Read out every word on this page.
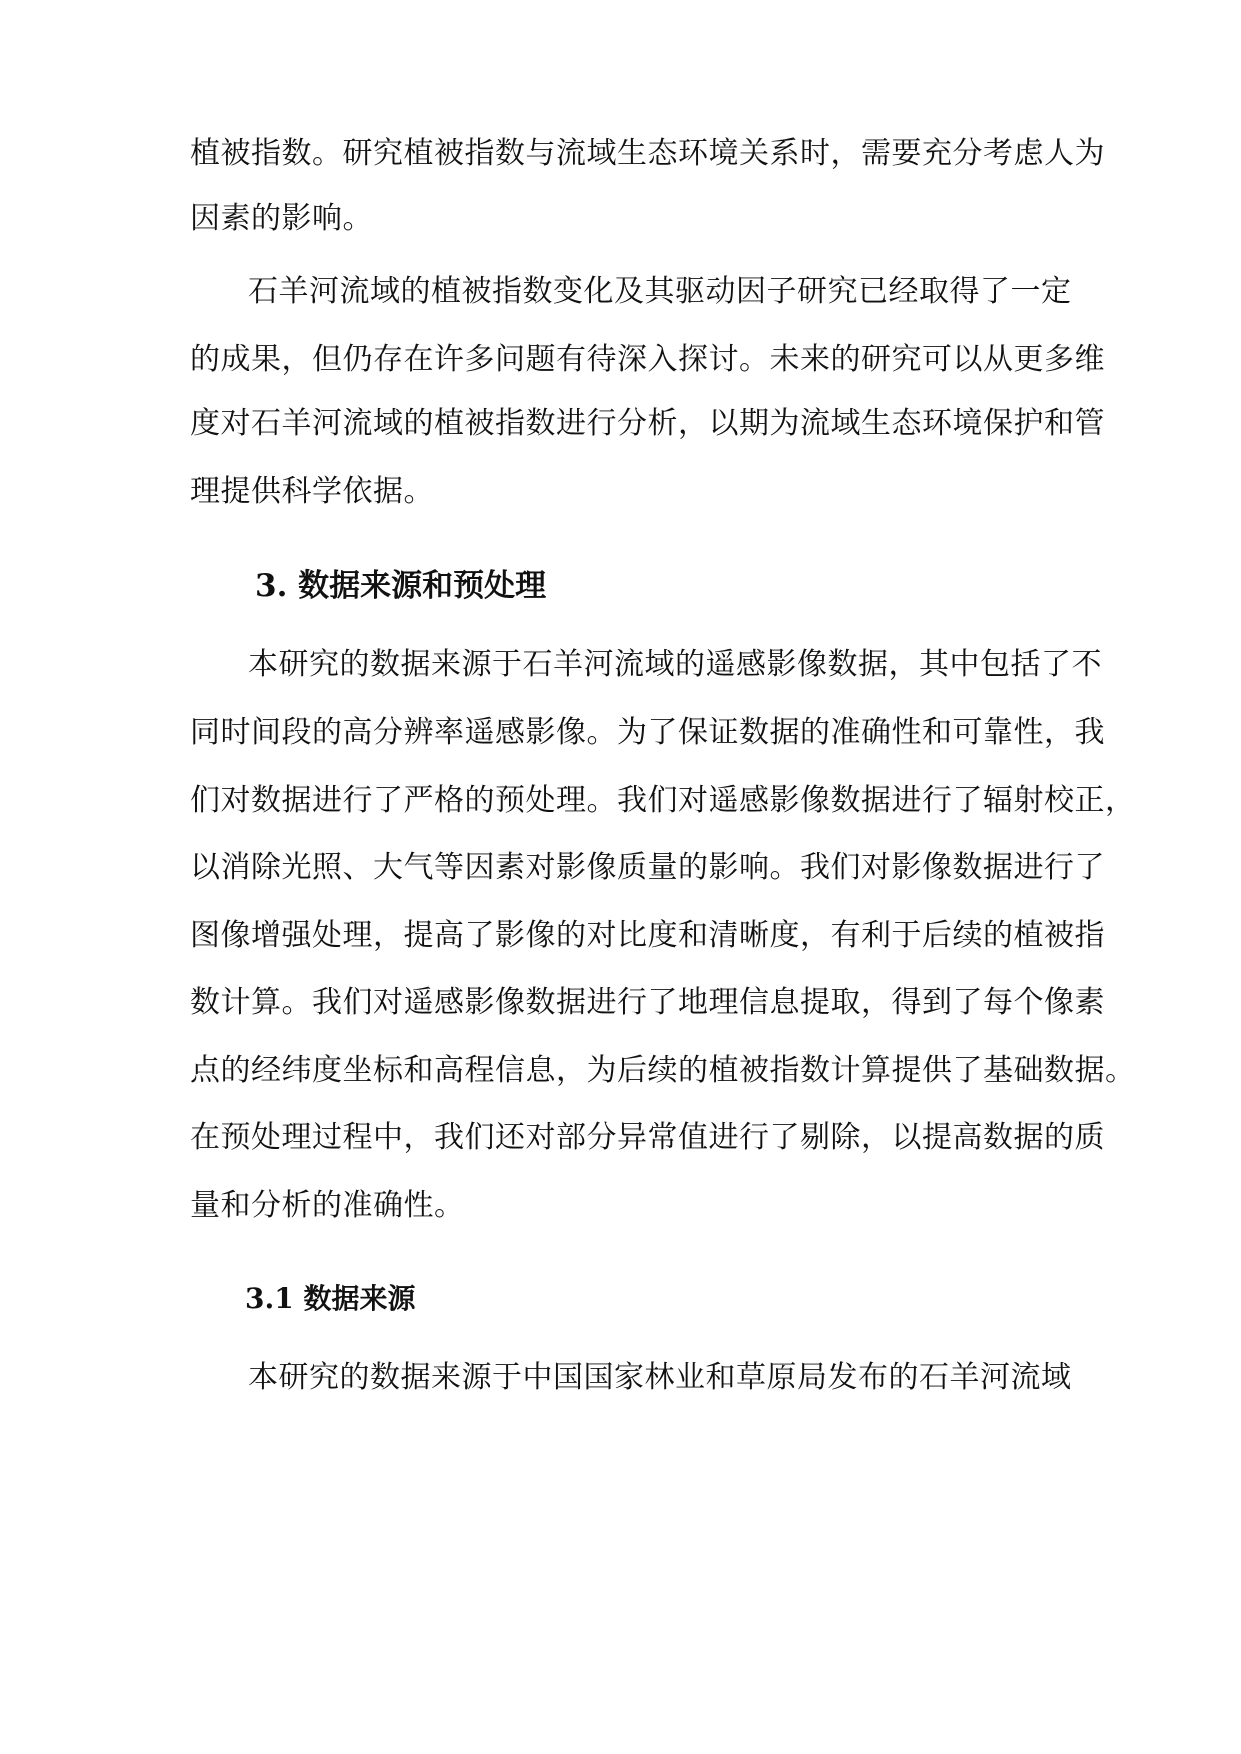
植被指数。研究植被指数与流域生态环境关系时，需要充分考虑人为
因素的影响。
石羊河流域的植被指数变化及其驱动因子研究已经取得了一定
的成果，但仍存在许多问题有待深入探讨。未来的研究可以从更多维
度对石羊河流域的植被指数进行分析，以期为流域生态环境保护和管
理提供科学依据。
3. 数据来源和预处理
本研究的数据来源于石羊河流域的遥感影像数据，其中包括了不
同时间段的高分辨率遥感影像。为了保证数据的准确性和可靠性，我
们对数据进行了严格的预处理。我们对遥感影像数据进行了辐射校正，
以消除光照、大气等因素对影像质量的影响。我们对影像数据进行了
图像增强处理，提高了影像的对比度和清晰度，有利于后续的植被指
数计算。我们对遥感影像数据进行了地理信息提取，得到了每个像素
点的经纬度坐标和高程信息，为后续的植被指数计算提供了基础数据。
在预处理过程中，我们还对部分异常值进行了剔除，以提高数据的质
量和分析的准确性。
3.1 数据来源
本研究的数据来源于中国国家林业和草原局发布的石羊河流域
